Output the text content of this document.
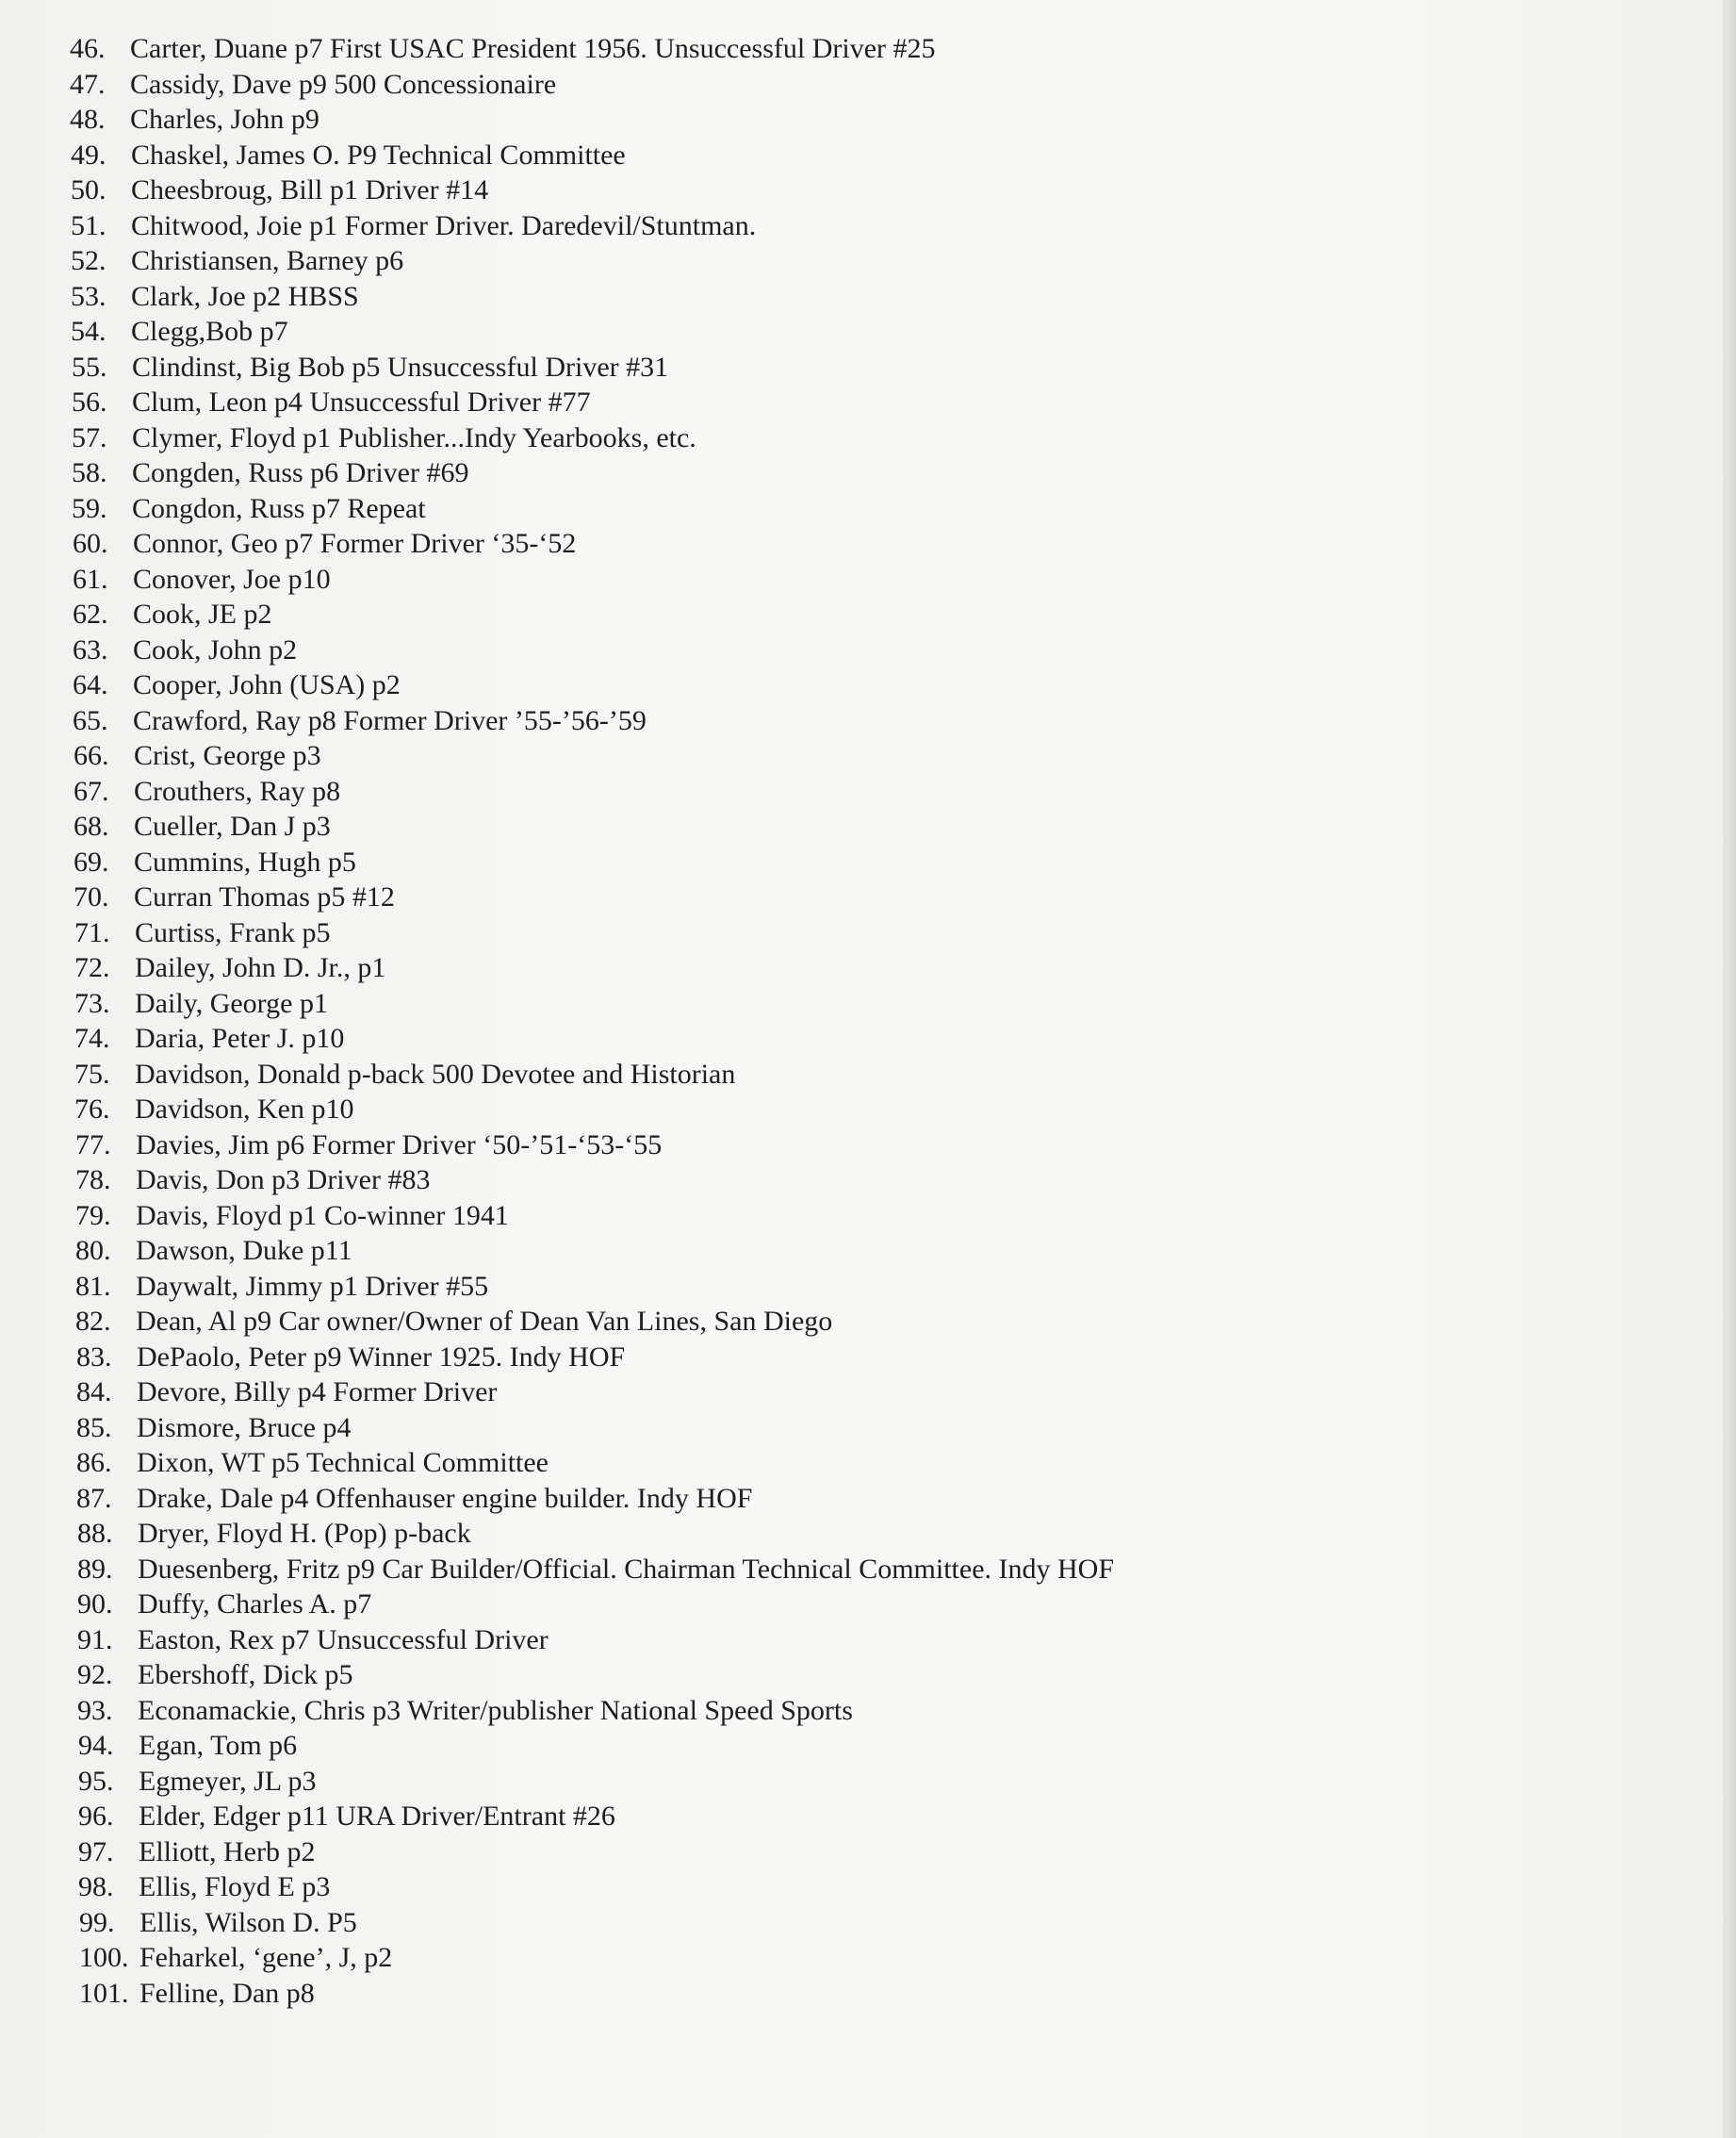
46. Carter, Duane p7 First USAC President 1956. Unsuccessful Driver #25
47. Cassidy, Dave p9 500 Concessionaire
48. Charles, John p9
49. Chaskel, James O. P9 Technical Committee
50. Cheesbroug, Bill p1 Driver #14
51. Chitwood, Joie p1 Former Driver. Daredevil/Stuntman.
52. Christiansen, Barney p6
53. Clark, Joe p2 HBSS
54. Clegg,Bob p7
55. Clindinst, Big Bob p5 Unsuccessful Driver #31
56. Clum, Leon p4 Unsuccessful Driver #77
57. Clymer, Floyd p1 Publisher...Indy Yearbooks, etc.
58. Congden, Russ p6 Driver #69
59. Congdon, Russ p7 Repeat
60. Connor, Geo p7 Former Driver ‘35-‘52
61. Conover, Joe p10
62. Cook, JE p2
63. Cook, John p2
64. Cooper, John (USA) p2
65. Crawford, Ray p8 Former Driver ’55-’56-’59
66. Crist, George p3
67. Crouthers, Ray p8
68. Cueller, Dan J p3
69. Cummins, Hugh p5
70. Curran Thomas p5 #12
71. Curtiss, Frank p5
72. Dailey, John D. Jr., p1
73. Daily, George p1
74. Daria, Peter J. p10
75. Davidson, Donald p-back 500 Devotee and Historian
76. Davidson, Ken p10
77. Davies, Jim p6 Former Driver ‘50-’51-‘53-‘55
78. Davis, Don p3 Driver #83
79. Davis, Floyd p1 Co-winner 1941
80. Dawson, Duke p11
81. Daywalt, Jimmy p1 Driver #55
82. Dean, Al p9 Car owner/Owner of Dean Van Lines, San Diego
83. DePaolo, Peter p9 Winner 1925. Indy HOF
84. Devore, Billy p4 Former Driver
85. Dismore, Bruce p4
86. Dixon, WT p5 Technical Committee
87. Drake, Dale p4 Offenhauser engine builder. Indy HOF
88. Dryer, Floyd H. (Pop) p-back
89. Duesenberg, Fritz p9 Car Builder/Official. Chairman Technical Committee. Indy HOF
90. Duffy, Charles A. p7
91. Easton, Rex p7 Unsuccessful Driver
92. Ebershoff, Dick p5
93. Econamackie, Chris p3 Writer/publisher National Speed Sports
94. Egan, Tom p6
95. Egmeyer, JL p3
96. Elder, Edger p11 URA Driver/Entrant #26
97. Elliott, Herb p2
98. Ellis, Floyd E p3
99. Ellis, Wilson D. P5
100. Feharkel, ‘gene’, J, p2
101. Felline, Dan p8
